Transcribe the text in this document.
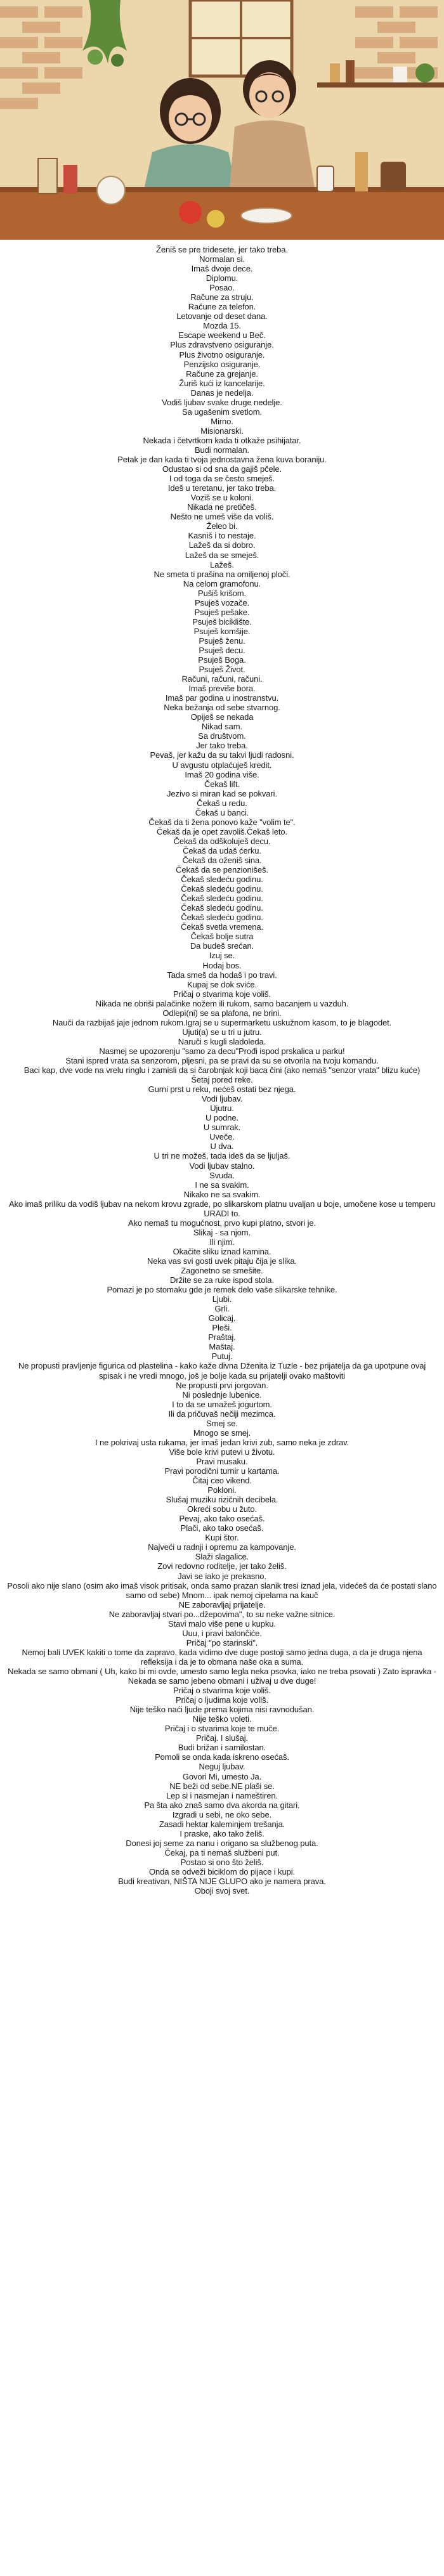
Ženiš se pre tridesete, jer tako treba.
Normalan si.
Imaš dvoje dece.
Diplomu.
Posao.
Račune za struju.
Račune za telefon.
Letovanje od deset dana.
Mozda 15.
Escape weekend u Beč.
Plus zdravstveno osiguranje.
Plus životno osiguranje.
Penzijsko osiguranje.
Račune za grejanje.
Žuriš kući iz kancelarije.
Danas je nedelja.
Vodiš ljubav svake druge nedelje.
Sa ugašenim svetlom.
Mirno.
Misionarski.
Nekada i četvrtkom kada ti otkaže psihijatar.
Budi normalan.
Petak je dan kada ti tvoja jednostavna žena kuva boraniju.
Odustao si od sna da gajiš pčele.
I od toga da se često smeješ.
Ideš u teretanu, jer tako treba.
Voziš se u koloni.
Nikada ne pretičeš.
Nešto ne umeš više da voliš.
Želeo bi.
Kasniš i to nestaje.
Lažeš da si dobro.
Lažeš da se smeješ.
Lažeš.
Ne smeta ti prašina na omiljenoj ploči.
Na celom gramofonu.
Pušiš krišom.
Psuješ vozače.
Psuješ pešake.
Psuješ biciklište.
Psuješ komšije.
Psuješ ženu.
Psuješ decu.
Psuješ Boga.
Psuješ Život.
Računi, računi, računi.
Imaš previše bora.
Imaš par godina u inostranstvu.
Neka bežanja od sebe stvarnog.
Opiješ se nekada
Nikad sam.
Sa društvom.
Jer tako treba.
Pevaš, jer kažu da su takvi ljudi radosni.
U avgustu otplaćuješ kredit.
Imaš 20 godina više.
Čekaš lift.
Jezivo si miran kad se pokvari.
Čekaš u redu.
Čekaš u banci.
Čekaš da ti žena ponovo kaže "volim te".
Čekaš da je opet zavoliš.Čekaš leto.
Čekaš da odškoluješ decu.
Čekaš da udaš ćerku.
Čekaš da oženiš sina.
Čekaš da se penzionišeš.
Čekaš sledeću godinu.
Čekaš sledeću godinu.
Čekaš sledeću godinu.
Čekaš sledeću godinu.
Čekaš sledeću godinu.
Čekaš svetla vremena.
Čekaš bolje sutra
Da budeš srećan.
Izuj se.
Hodaj bos.
Tada smeš da hodaš i po travi.
Kupaj se dok sviće.
Pričaj o stvarima koje voliš.
Nikada ne obriši palačinke nožem ili rukom, samo bacanjem u vazduh.
Odlepi(ni) se sa plafona, ne brini.
Nauči da razbijaš jaje jednom rukom.Igraj se u supermarketu uskužnom kasom, to je blagodet.
Ujuti(a) se u tri u jutru.
Naruči s kugli sladoleda.
Nasmej se upozorenju "samo za decu"Prođi ispod prskalica u parku!
Stani ispred vrata sa senzorom, pljesni, pa se pravi da su se otvorila na tvoju komandu.
Baci kap, dve vode na vrelu ringlu i zamisli da si čarobnjak koji baca čini (ako nemaš "senzor vrata" blizu kuće)
Šetaj pored reke.
Gurni prst u reku, nećeš ostati bez njega.
Vodi ljubav.
Ujutru.
U podne.
U sumrak.
Uveče.
U dva.
U tri ne možeš, tada ideš da se ljuljaš.
Vodi ljubav stalno.
Svuda.
I ne sa svakim.
Nikako ne sa svakim.
Ako imaš priliku da vodiš ljubav na nekom krovu zgrade, po slikarskom platnu uvaljan u boje, umočene kose u temperu URADI to.
Ako nemaš tu mogućnost, prvo kupi platno, stvori je.
Slikaj - sa njom.
Ili njim.
Okačite sliku iznad kamina.
Neka vas svi gosti uvek pitaju čija je slika.
Zagonetno se smešite.
Držite se za ruke ispod stola.
Pomazi je po stomaku gde je remek delo vaše slikarske tehnike.
Ljubi.
Grli.
Golicaj.
Pleši.
Praštaj.
Maštaj.
Putuj.
Ne propusti pravljenje figurica od plastelina - kako kaže divna Dženita iz Tuzle - bez prijatelja da ga upotpune ovaj spisak i ne vredi mnogo, još je bolje kada su prijatelji ovako maštoviti
Ne propusti prvi jorgovan.
Ni poslednje lubenice.
I to da se umažeš jogurtom.
Ili da pričuvaš nečiji mezimca.
Smej se.
Mnogo se smej.
I ne pokrivaj usta rukama, jer imaš jedan krivi zub, samo neka je zdrav.
Više bole krivi putevi u životu.
Pravi musaku.
Pravi porodični turnir u kartama.
Čitaj ceo vikend.
Pokloni.
Slušaj muziku rizičnih decibela.
Okreći sobu u žuto.
Pevaj, ako tako osećaš.
Plači, ako tako osećaš.
Kupi štor.
Najveći u radnji i opremu za kampovanje.
Slaži slagalice.
Zovi redovno roditelje, jer tako želiš.
Javi se iako je prekasno.
Posoli ako nije slano (osim ako imaš visok pritisak, onda samo prazan slanik tresi iznad jela, videćeš da će postati slano samo od sebe) Mnom... ipak nemoj cipelama na kauč
NE zaboravljaj prijatelje.
Ne zaboravljaj stvari po...džepovima", to su neke važne sitnice.
Stavi malo više pene u kupku.
Uuu, i pravi balončiće.
Pričaj "po starinski".
Nemoj bali UVEK kakiti o tome da zapravo, kada vidimo dve duge postoji samo jedna duga, a da je druga njena refleksija i da je to obmana naše oka a suma.
Nekada se samo obmani ( Uh, kako bi mi ovde, umesto samo legla neka psovka, iako ne treba psovati ) Zato ispravka - Nekada se samo jebeno obmani i uživaj u dve duge!
Pričaj o stvarima koje voliš.
Pričaj o ljudima koje voliš.
Nije teško naći ljude prema kojima nisi ravnodušan.
Nije teško voleti.
Pričaj i o stvarima koje te muče.
Pričaj. I slušaj.
Budi brižan i samilostan.
Pomoli se onda kada iskreno osećaš.
Neguj ljubav.
Govori Mi, umesto Ja.
NE beži od sebe.NE plaši se.
Lep si i nasmejan i nameštiren.
Pa šta ako znaš samo dva akorda na gitari.
Izgradi u sebi, ne oko sebe.
Zasadi hektar kaleminjem trešanja.
I praske, ako tako želiš.
Donesi joj seme za nanu i origano sa službenog puta.
Čekaj, pa ti nemaš službeni put.
Postao si ono što želiš.
Onda se odveži biciklom do pijace i kupi.
Budi kreativan, NIŠTA NIJE GLUPO ako je namera prava.
Oboji svoj svet.
